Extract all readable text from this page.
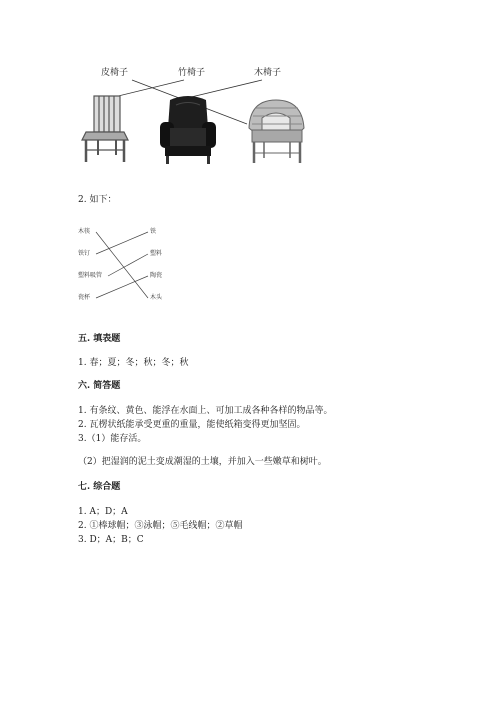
皮椅子	竹椅子	木椅子
2. 如下：
木筷
铁钉
塑料吸管
瓷杯
铁
塑料
陶瓷
木头
五. 填表题
1. 春；夏；冬；秋；冬；秋
六. 简答题
1. 有条纹、黄色、能浮在水面上、可加工成各种各样的物品等。
2. 瓦楞状纸能承受更重的重量，能使纸箱变得更加坚固。
3.（1）能存活。
（2）把湿润的泥土变成潮湿的土壤，并加入一些嫩草和树叶。
七. 综合题
1. A；D；A
2. ①棒球帽；③泳帽；⑤毛线帽；②草帽
3. D；A；B；C
